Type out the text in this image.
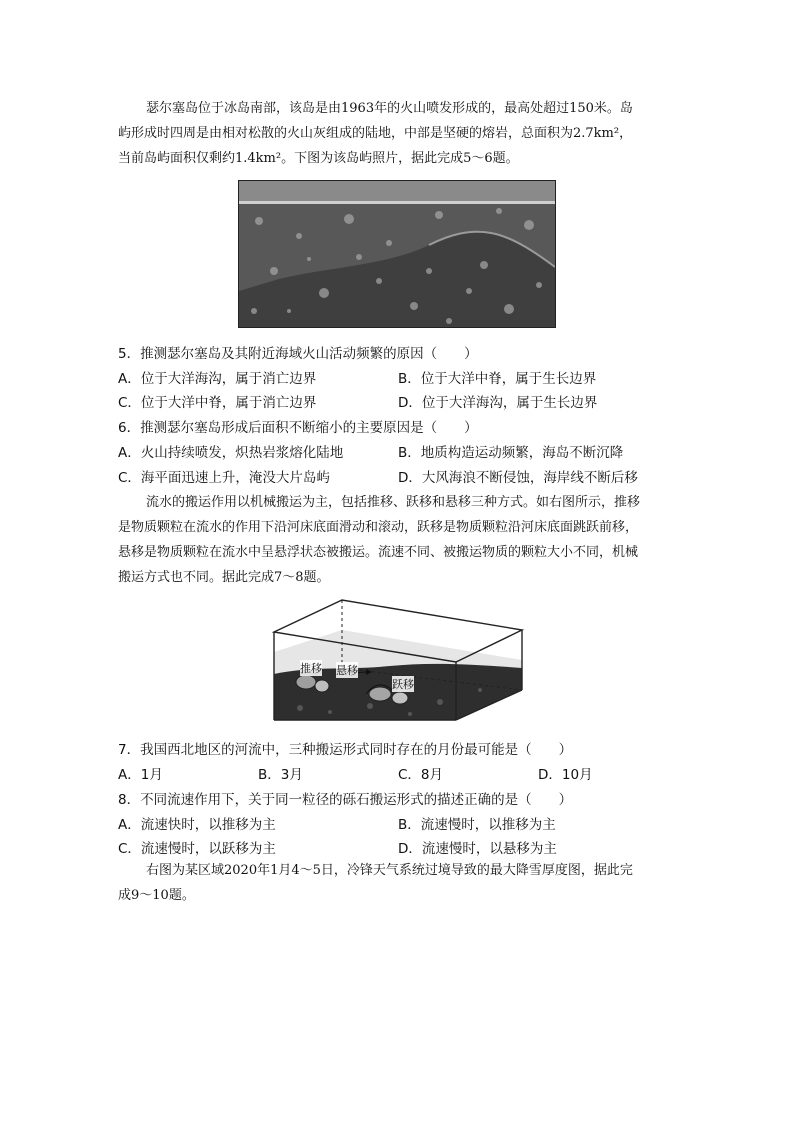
瑟尔塞岛位于冰岛南部，该岛是由1963年的火山喷发形成的，最高处超过150米。岛
屿形成时四周是由相对松散的火山灰组成的陆地，中部是坚硬的熔岩，总面积为2.7km²，
当前岛屿面积仅剩约1.4km²。下图为该岛屿照片，据此完成5～6题。
5．推测瑟尔塞岛及其附近海域火山活动频繁的原因（　　）
A．位于大洋海沟，属于消亡边界	B．位于大洋中脊，属于生长边界
C．位于大洋中脊，属于消亡边界	D．位于大洋海沟，属于生长边界
6．推测瑟尔塞岛形成后面积不断缩小的主要原因是（　　）
A．火山持续喷发，炽热岩浆熔化陆地	B．地质构造运动频繁，海岛不断沉降
C．海平面迅速上升，淹没大片岛屿	D．大风海浪不断侵蚀，海岸线不断后移
流水的搬运作用以机械搬运为主，包括推移、跃移和悬移三种方式。如右图所示，推移
是物质颗粒在流水的作用下沿河床底面滑动和滚动，跃移是物质颗粒沿河床底面跳跃前移，
悬移是物质颗粒在流水中呈悬浮状态被搬运。流速不同、被搬运物质的颗粒大小不同，机械
搬运方式也不同。据此完成7～8题。
推移 悬移
跃移
7．我国西北地区的河流中，三种搬运形式同时存在的月份最可能是（　　）
A．1月	B．3月	C．8月	D．10月
8．不同流速作用下，关于同一粒径的砾石搬运形式的描述正确的是（　　）
A．流速快时，以推移为主	B．流速慢时，以推移为主
C．流速慢时，以跃移为主	D．流速慢时，以悬移为主
右图为某区域2020年1月4～5日，冷锋天气系统过境导致的最大降雪厚度图，据此完
成9～10题。
